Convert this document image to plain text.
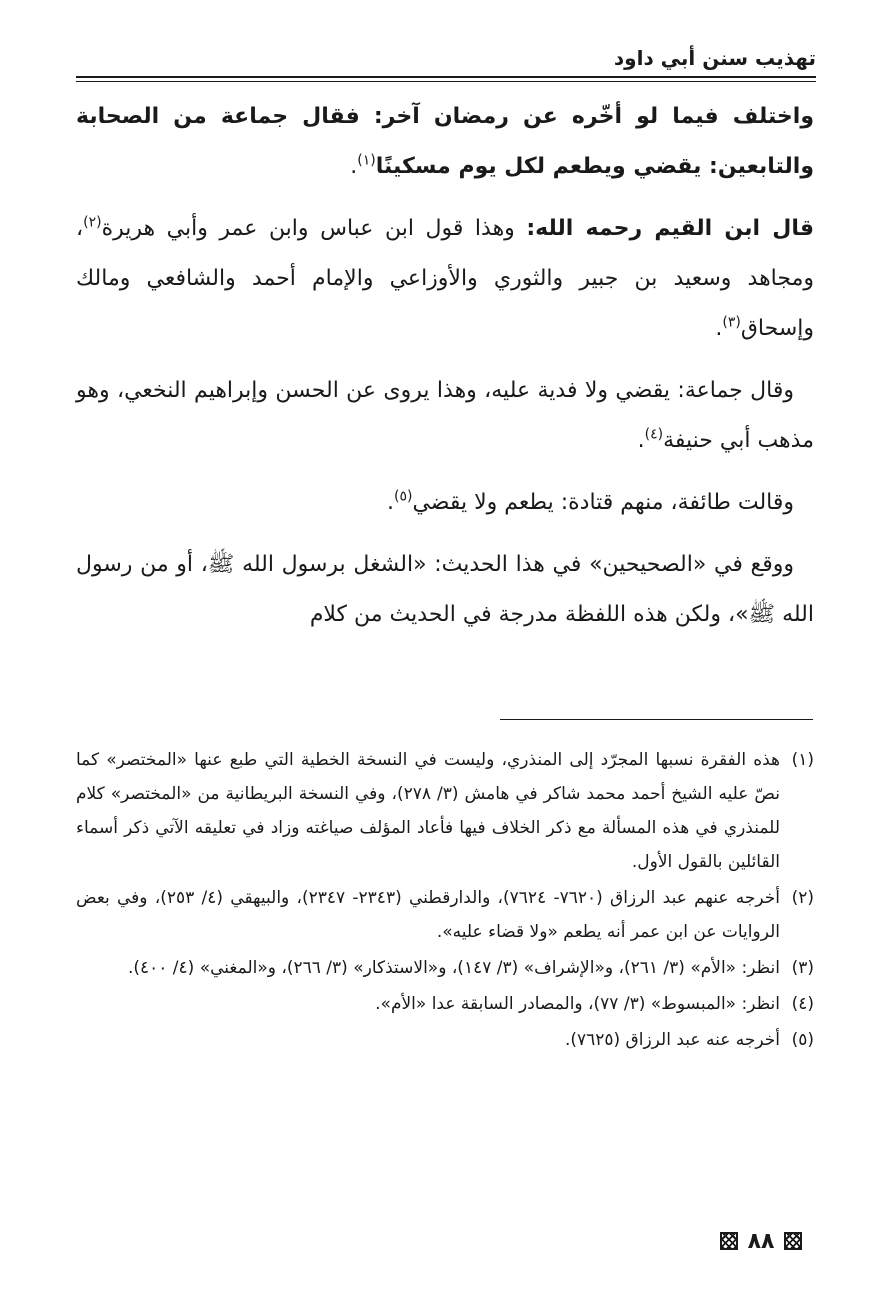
تهذيب سنن أبي داود

واختلف فيما لو أخّره عن رمضان آخر: فقال جماعة من الصحابة والتابعين: يقضي ويطعم لكل يوم مسكينًا$^{(١)}$.

قال ابن القيم رحمه الله: وهذا قول ابن عباس وابن عمر وأبي هريرة$^{(٢)}$، ومجاهد وسعيد بن جبير والثوري والأوزاعي والإمام أحمد والشافعي ومالك وإسحاق$^{(٣)}$.

وقال جماعة: يقضي ولا فدية عليه، وهذا يروى عن الحسن وإبراهيم النخعي، وهو مذهب أبي حنيفة$^{(٤)}$.

وقالت طائفة، منهم قتادة: يطعم ولا يقضي$^{(٥)}$.

ووقع في «الصحيحين» في هذا الحديث: «الشغل برسول الله ﷺ، أو من رسول الله ﷺ»، ولكن هذه اللفظة مدرجة في الحديث من كلام

(١)
هذه الفقرة نسبها المجرّد إلى المنذري، وليست في النسخة الخطية التي طبع عنها «المختصر» كما نصّ عليه الشيخ أحمد محمد شاكر في هامش (٣/ ٢٧٨)، وفي النسخة البريطانية من «المختصر» كلام للمنذري في هذه المسألة مع ذكر الخلاف فيها فأعاد المؤلف صياغته وزاد في تعليقه الآتي ذكر أسماء القائلين بالقول الأول.
(٢)
أخرجه عنهم عبد الرزاق (٧٦٢٠- ٧٦٢٤)، والدارقطني (٢٣٤٣- ٢٣٤٧)، والبيهقي (٤/ ٢٥٣)، وفي بعض الروايات عن ابن عمر أنه يطعم «ولا قضاء عليه».
(٣)
انظر: «الأم» (٣/ ٢٦١)، و«الإشراف» (٣/ ١٤٧)، و«الاستذكار» (٣/ ٢٦٦)، و«المغني» (٤/ ٤٠٠).
(٤)
انظر: «المبسوط» (٣/ ٧٧)، والمصادر السابقة عدا «الأم».
(٥)
أخرجه عنه عبد الرزاق (٧٦٢٥).
٨٨
